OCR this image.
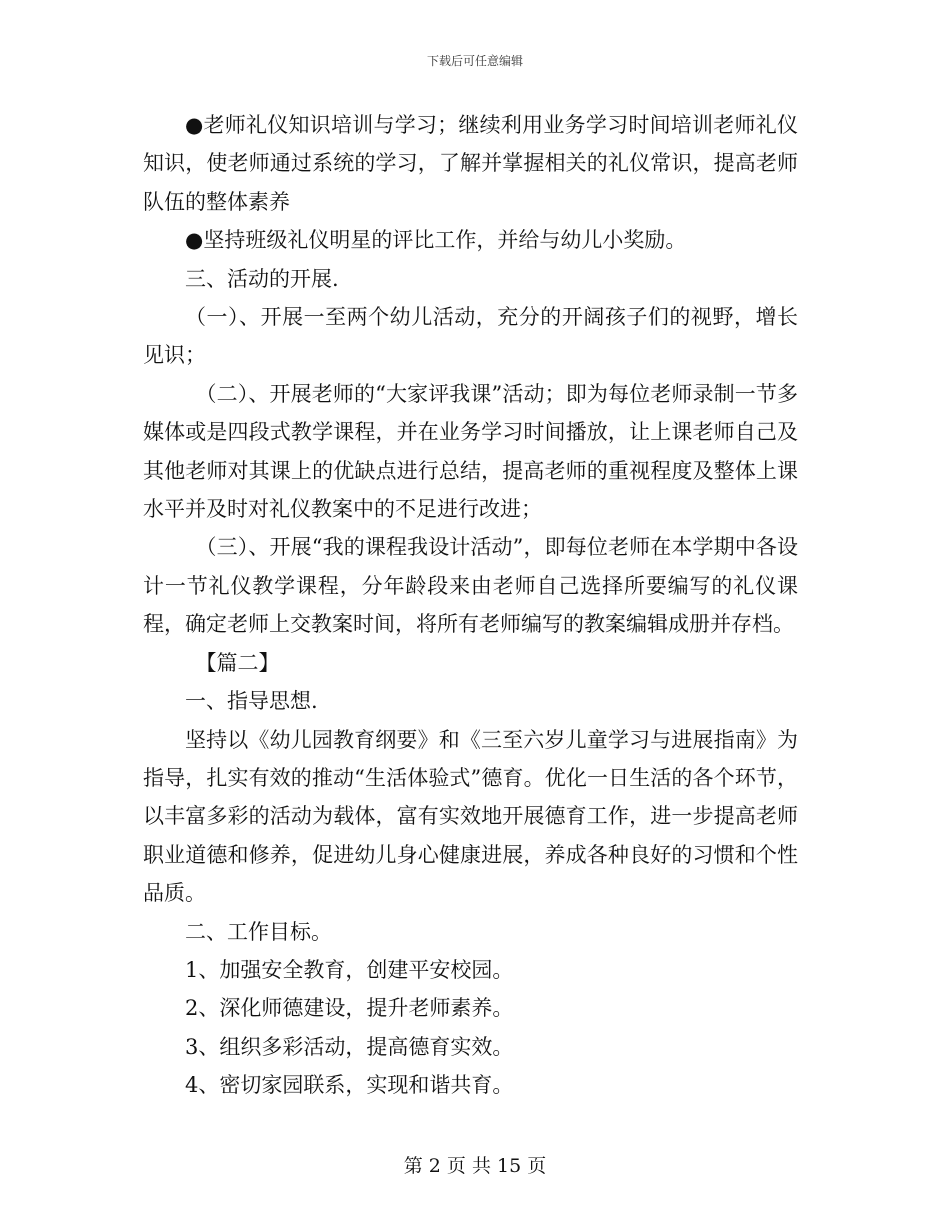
下载后可任意编辑

●老师礼仪知识培训与学习；继续利用业务学习时间培训老师礼仪知识，使老师通过系统的学习，了解并掌握相关的礼仪常识，提高老师队伍的整体素养

●坚持班级礼仪明星的评比工作，并给与幼儿小奖励。

三、活动的开展.

（一）、开展一至两个幼儿活动，充分的开阔孩子们的视野，增长见识；

（二）、开展老师的“大家评我课”活动；即为每位老师录制一节多媒体或是四段式教学课程，并在业务学习时间播放，让上课老师自己及其他老师对其课上的优缺点进行总结，提高老师的重视程度及整体上课水平并及时对礼仪教案中的不足进行改进；

（三）、开展“我的课程我设计活动”，即每位老师在本学期中各设计一节礼仪教学课程，分年龄段来由老师自己选择所要编写的礼仪课程，确定老师上交教案时间，将所有老师编写的教案编辑成册并存档。

【篇二】

一、指导思想.

坚持以《幼儿园教育纲要》和《三至六岁儿童学习与进展指南》为指导，扎实有效的推动“生活体验式”德育。优化一日生活的各个环节，以丰富多彩的活动为载体，富有实效地开展德育工作，进一步提高老师职业道德和修养，促进幼儿身心健康进展，养成各种良好的习惯和个性品质。

二、工作目标。

1、加强安全教育，创建平安校园。

2、深化师德建设，提升老师素养。

3、组织多彩活动，提高德育实效。

4、密切家园联系，实现和谐共育。

第 2 页 共 15 页
